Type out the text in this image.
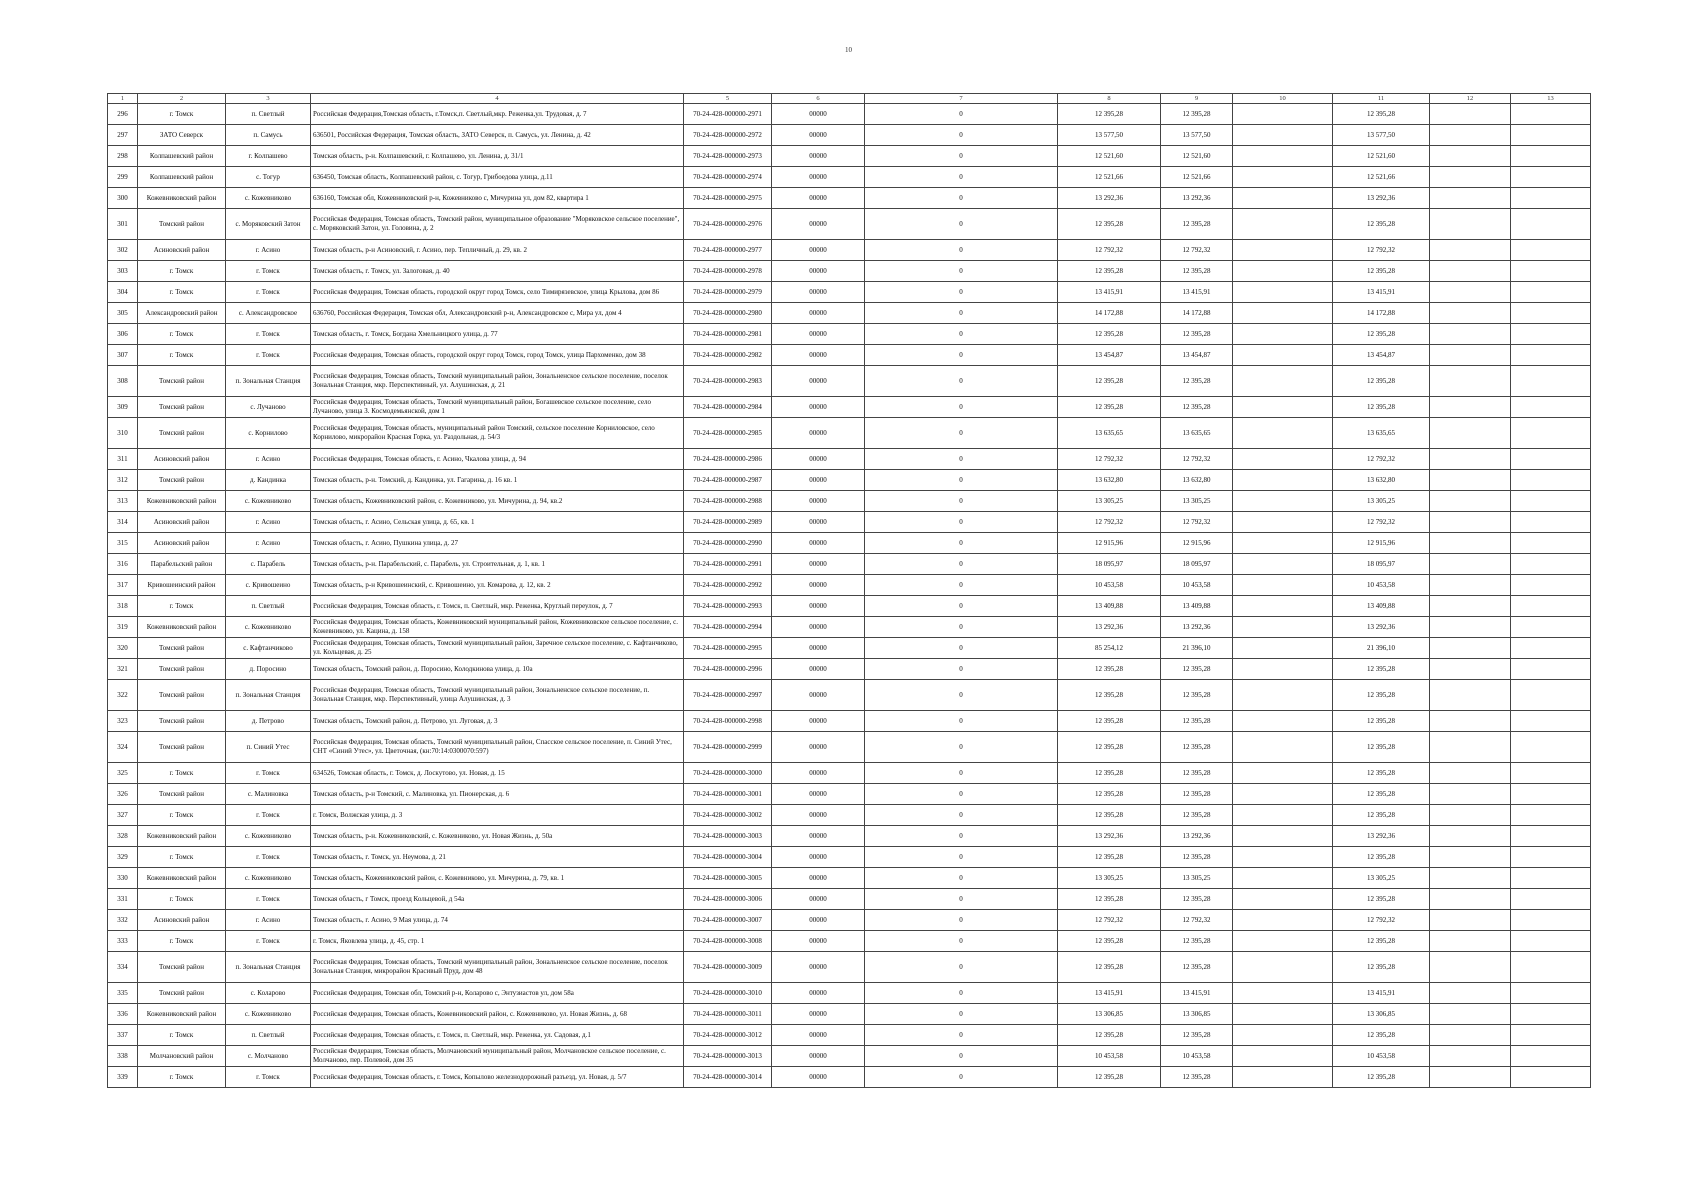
10
1	2	3	4	5	6	7	8	9	10	11	12	13
296	г. Томск	п. Светлый	Российская Федерация,Томская область, г.Томск,п. Светлый,мкр. Реженка,ул. Трудовая, д. 7	70-24-428-000000-2971	00000	0	12 395,28	12 395,28		12 395,28		
297	ЗАТО Северск	п. Самусь	636501, Российская Федерация, Томская область, ЗАТО Северск, п. Самусь, ул. Ленина, д. 42	70-24-428-000000-2972	00000	0	13 577,50	13 577,50		13 577,50		
298	Колпашевский район	г. Колпашево	Томская область, р-н. Колпашевский, г. Колпашево, ул. Ленина, д. 31/1	70-24-428-000000-2973	00000	0	12 521,60	12 521,60		12 521,60		
299	Колпашевский район	с. Тогур	636450, Томская область, Колпашевский район, с. Тогур, Грибоедова улица, д.11	70-24-428-000000-2974	00000	0	12 521,66	12 521,66		12 521,66		
300	Кожевниковский район	с. Кожевниково	636160, Томская обл, Кожевниковский р-н, Кожевниково с, Мичурина ул, дом 82, квартира 1	70-24-428-000000-2975	00000	0	13 292,36	13 292,36		13 292,36		
301	Томский район	с. Моряковский Затон	Российская Федерация, Томская область, Томский район, муниципальное образование "Моряковское сельское поселение", с. Моряковский Затон, ул. Головина, д. 2	70-24-428-000000-2976	00000	0	12 395,28	12 395,28		12 395,28		
302	Асиновский район	г. Асино	Томская область, р-н Асиновский, г. Асино, пер. Тепличный, д. 29, кв. 2	70-24-428-000000-2977	00000	0	12 792,32	12 792,32		12 792,32		
303	г. Томск	г. Томск	Томская область, г. Томск, ул. Залоговая, д. 40	70-24-428-000000-2978	00000	0	12 395,28	12 395,28		12 395,28		
304	г. Томск	г. Томск	Российская Федерация, Томская область, городской округ город Томск, село Тимирязевское, улица Крылова, дом 86	70-24-428-000000-2979	00000	0	13 415,91	13 415,91		13 415,91		
305	Александровский район	с. Александровское	636760, Российская Федерация, Томская обл, Александровский р-н, Александровское с, Мира ул, дом 4	70-24-428-000000-2980	00000	0	14 172,88	14 172,88		14 172,88		
306	г. Томск	г. Томск	Томская область, г. Томск, Богдана Хмельницкого улица, д. 77	70-24-428-000000-2981	00000	0	12 395,28	12 395,28		12 395,28		
307	г. Томск	г. Томск	Российская Федерация, Томская область, городской округ город Томск, город Томск, улица Пархоменко, дом 38	70-24-428-000000-2982	00000	0	13 454,87	13 454,87		13 454,87		
308	Томский район	п. Зональная Станция	Российская Федерация, Томская область, Томский муниципальный район, Зональненское сельское поселение, поселок Зональная Станция, мкр. Перспективный, ул. Алушинская, д. 21	70-24-428-000000-2983	00000	0	12 395,28	12 395,28		12 395,28		
309	Томский район	с. Лучаново	Российская Федерация, Томская область, Томский муниципальный район, Богашевское сельское поселение, село Лучаново, улица З. Космодемьянской, дом 1	70-24-428-000000-2984	00000	0	12 395,28	12 395,28		12 395,28		
310	Томский район	с. Корнилово	Российская Федерация, Томская область, муниципальный район Томский, сельское поселение Корниловское, село Корнилово, микрорайон Красная Горка, ул. Раздольная, д. 54/3	70-24-428-000000-2985	00000	0	13 635,65	13 635,65		13 635,65		
311	Асиновский район	г. Асино	Российская Федерация, Томская область, г. Асино, Чкалова улица, д. 94	70-24-428-000000-2986	00000	0	12 792,32	12 792,32		12 792,32		
312	Томский район	д. Кандинка	Томская область, р-н. Томский, д. Кандинка, ул. Гагарина, д. 16 кв. 1	70-24-428-000000-2987	00000	0	13 632,80	13 632,80		13 632,80		
313	Кожевниковский район	с. Кожевниково	Томская область, Кожевниковский район, с. Кожевниково, ул. Мичурина, д. 94, кв.2	70-24-428-000000-2988	00000	0	13 305,25	13 305,25		13 305,25		
314	Асиновский район	г. Асино	Томская область, г. Асино, Сельская улица, д. 65, кв. 1	70-24-428-000000-2989	00000	0	12 792,32	12 792,32		12 792,32		
315	Асиновский район	г. Асино	Томская область, г. Асино, Пушкина улица, д. 27	70-24-428-000000-2990	00000	0	12 915,96	12 915,96		12 915,96		
316	Парабельский район	с. Парабель	Томская область, р-н. Парабельский, с. Парабель, ул. Строительная, д. 1, кв. 1	70-24-428-000000-2991	00000	0	18 095,97	18 095,97		18 095,97		
317	Кривошеинский район	с. Кривошеино	Томская область, р-н Кривошеинский, с. Кривошеино, ул. Комарова, д. 12, кв. 2	70-24-428-000000-2992	00000	0	10 453,58	10 453,58		10 453,58		
318	г. Томск	п. Светлый	Российская Федерация, Томская область, г. Томск, п. Светлый, мкр. Реженка, Круглый переулок, д. 7	70-24-428-000000-2993	00000	0	13 409,88	13 409,88		13 409,88		
319	Кожевниковский район	с. Кожевниково	Российская Федерация, Томская область, Кожевниковский муниципальный район, Кожевниковское сельское поселение, с. Кожевниково, ул. Кацина, д. 158	70-24-428-000000-2994	00000	0	13 292,36	13 292,36		13 292,36		
320	Томский район	с. Кафтанчиково	Российская Федерация, Томская область, Томский муниципальный район, Заречное сельское поселение, с. Кафтанчиково, ул. Кольцевая, д. 25	70-24-428-000000-2995	00000	0	85 254,12	21 396,10		21 396,10		
321	Томский район	д. Поросино	Томская область, Томский район, д. Поросино, Колодкинова улица, д. 10а	70-24-428-000000-2996	00000	0	12 395,28	12 395,28		12 395,28		
322	Томский район	п. Зональная Станция	Российская Федерация, Томская область, Томский муниципальный район, Зональненское сельское поселение, п. Зональная Станция, мкр. Перспективный, улица Алушинская, д. 3	70-24-428-000000-2997	00000	0	12 395,28	12 395,28		12 395,28		
323	Томский район	д. Петрово	Томская область, Томский район, д. Петрово, ул. Луговая, д. 3	70-24-428-000000-2998	00000	0	12 395,28	12 395,28		12 395,28		
324	Томский район	п. Синий Утес	Российская Федерация, Томская область, Томский муниципальный район, Спасское сельское поселение, п. Синий Утес, СНТ «Синий Утес», ул. Цветочная, (кн:70:14:0300070:597)	70-24-428-000000-2999	00000	0	12 395,28	12 395,28		12 395,28		
325	г. Томск	г. Томск	634526, Томская область, г. Томск, д. Лоскутово, ул. Новая, д. 15	70-24-428-000000-3000	00000	0	12 395,28	12 395,28		12 395,28		
326	Томский район	с. Малиновка	Томская область, р-н Томский, с. Малиновка, ул. Пионерская, д. 6	70-24-428-000000-3001	00000	0	12 395,28	12 395,28		12 395,28		
327	г. Томск	г. Томск	г. Томск, Волжская улица, д. 3	70-24-428-000000-3002	00000	0	12 395,28	12 395,28		12 395,28		
328	Кожевниковский район	с. Кожевниково	Томская область, р-н. Кожевниковский, с. Кожевниково, ул. Новая Жизнь, д. 50а	70-24-428-000000-3003	00000	0	13 292,36	13 292,36		13 292,36		
329	г. Томск	г. Томск	Томская область, г. Томск, ул. Неумова, д. 21	70-24-428-000000-3004	00000	0	12 395,28	12 395,28		12 395,28		
330	Кожевниковский район	с. Кожевниково	Томская область, Кожевниковский район, с. Кожевниково, ул. Мичурина, д. 79, кв. 1	70-24-428-000000-3005	00000	0	13 305,25	13 305,25		13 305,25		
331	г. Томск	г. Томск	Томская область, г Томск, проезд Кольцевой, д 54а	70-24-428-000000-3006	00000	0	12 395,28	12 395,28		12 395,28		
332	Асиновский район	г. Асино	Томская область, г. Асино, 9 Мая улица, д. 74	70-24-428-000000-3007	00000	0	12 792,32	12 792,32		12 792,32		
333	г. Томск	г. Томск	г. Томск, Яковлева улица, д. 45, стр. 1	70-24-428-000000-3008	00000	0	12 395,28	12 395,28		12 395,28		
334	Томский район	п. Зональная Станция	Российская Федерация, Томская область, Томский муниципальный район, Зональненское сельское поселение, поселок Зональная Станция, микрорайон Красивый Пруд, дом 48	70-24-428-000000-3009	00000	0	12 395,28	12 395,28		12 395,28		
335	Томский район	с. Коларово	Российская Федерация, Томская обл, Томский р-н, Коларово с, Энтузиастов ул, дом 58а	70-24-428-000000-3010	00000	0	13 415,91	13 415,91		13 415,91		
336	Кожевниковский район	с. Кожевниково	Российская Федерация, Томская область, Кожевниковский район, с. Кожевниково, ул. Новая Жизнь, д. 68	70-24-428-000000-3011	00000	0	13 306,85	13 306,85		13 306,85		
337	г. Томск	п. Светлый	Российская Федерация, Томская область, г. Томск, п. Светлый, мкр. Реженка, ул. Садовая, д.1	70-24-428-000000-3012	00000	0	12 395,28	12 395,28		12 395,28		
338	Молчановский район	с. Молчаново	Российская Федерация, Томская область, Молчановский муниципальный район, Молчановское сельское поселение, с. Молчаново, пер. Полевой, дом 35	70-24-428-000000-3013	00000	0	10 453,58	10 453,58		10 453,58		
339	г. Томск	г. Томск	Российская Федерация, Томская область, г. Томск, Копылово железнодорожный разъезд, ул. Новая, д. 5/7	70-24-428-000000-3014	00000	0	12 395,28	12 395,28		12 395,28		
